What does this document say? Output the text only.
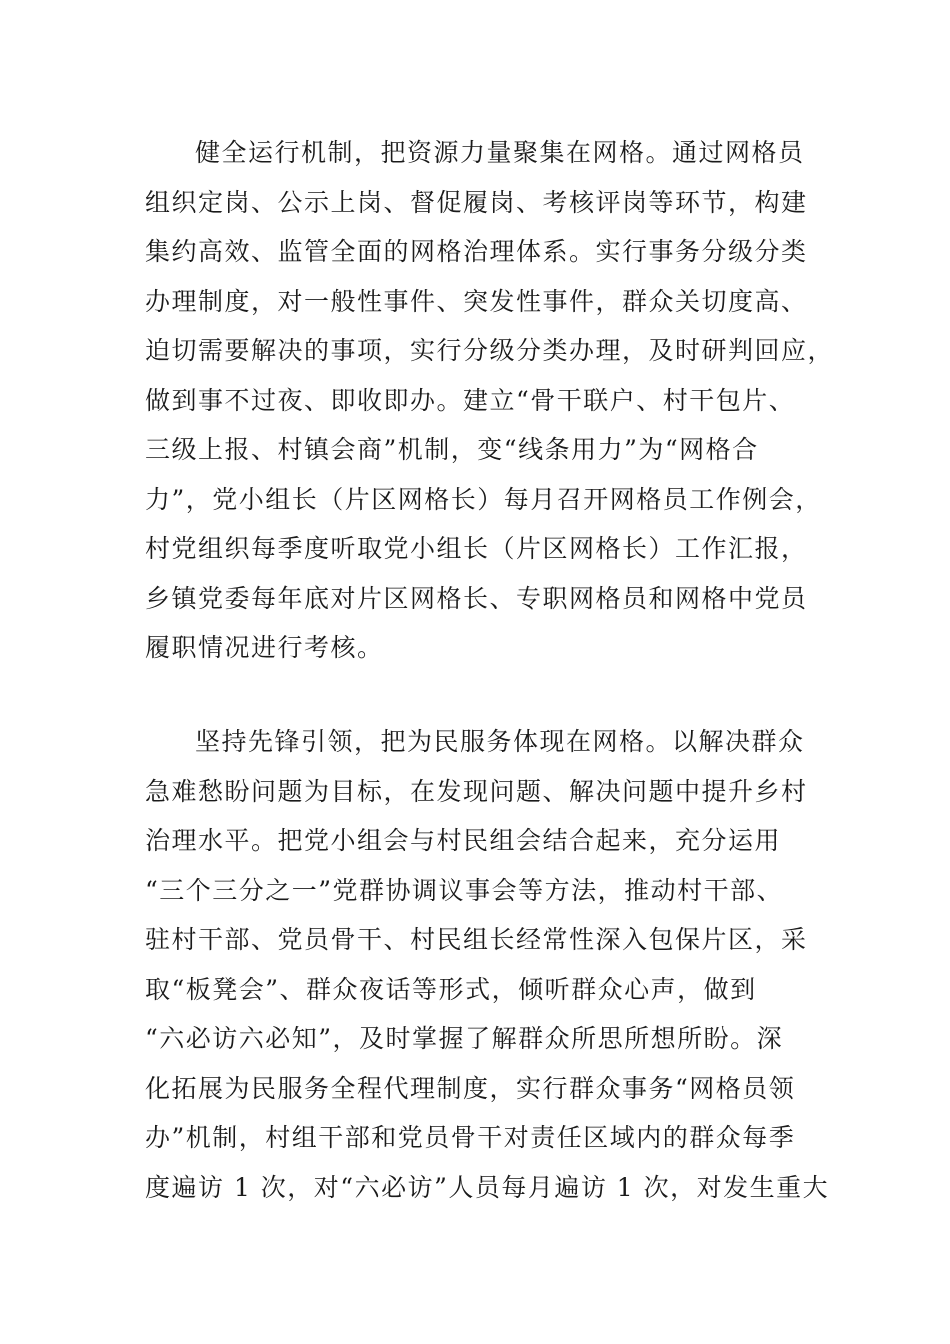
健全运行机制，把资源力量聚集在网格。通过网格员
组织定岗、公示上岗、督促履岗、考核评岗等环节，构建
集约高效、监管全面的网格治理体系。实行事务分级分类
办理制度，对一般性事件、突发性事件，群众关切度高、
迫切需要解决的事项，实行分级分类办理，及时研判回应，
做到事不过夜、即收即办。建立“骨干联户、村干包片、
三级上报、村镇会商”机制，变“线条用力”为“网格合
力”，党小组长（片区网格长）每月召开网格员工作例会，
村党组织每季度听取党小组长（片区网格长）工作汇报，
乡镇党委每年底对片区网格长、专职网格员和网格中党员
履职情况进行考核。
坚持先锋引领，把为民服务体现在网格。以解决群众
急难愁盼问题为目标，在发现问题、解决问题中提升乡村
治理水平。把党小组会与村民组会结合起来，充分运用
“三个三分之一”党群协调议事会等方法，推动村干部、
驻村干部、党员骨干、村民组长经常性深入包保片区，采
取“板凳会”、群众夜话等形式，倾听群众心声，做到
“六必访六必知”，及时掌握了解群众所思所想所盼。深
化拓展为民服务全程代理制度，实行群众事务“网格员领
办”机制，村组干部和党员骨干对责任区域内的群众每季
度遍访 1 次，对“六必访”人员每月遍访 1 次，对发生重大
